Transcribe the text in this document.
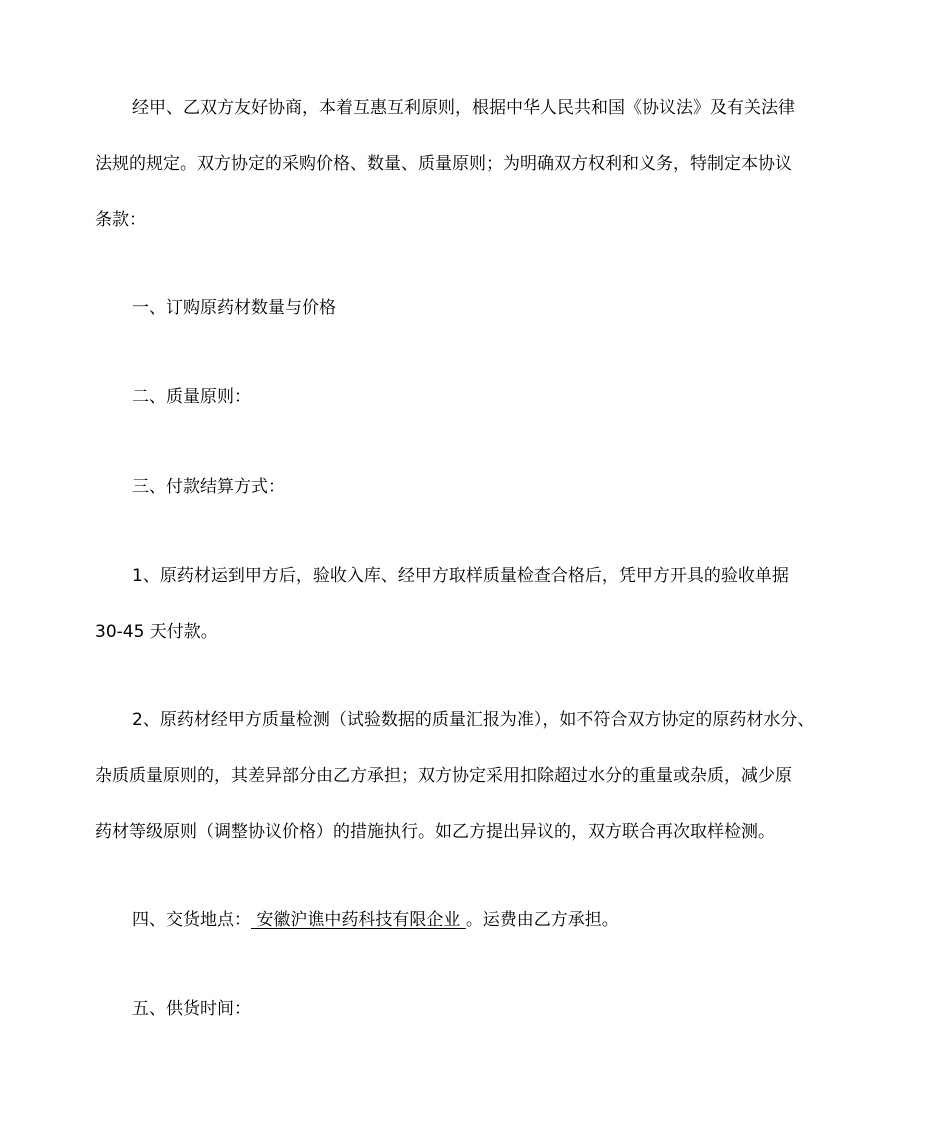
经甲、乙双方友好协商，本着互惠互利原则，根据中华人民共和国《协议法》及有关法律
法规的规定。双方协定的采购价格、数量、质量原则；为明确双方权利和义务，特制定本协议
条款：
一、订购原药材数量与价格
二、质量原则：
三、付款结算方式：
1、原药材运到甲方后，验收入库、经甲方取样质量检查合格后，凭甲方开具的验收单据
30-45 天付款。
2、原药材经甲方质量检测（试验数据的质量汇报为准），如不符合双方协定的原药材水分、
杂质质量原则的，其差异部分由乙方承担；双方协定采用扣除超过水分的重量或杂质，减少原
药材等级原则（调整协议价格）的措施执行。如乙方提出异议的，双方联合再次取样检测。
四、交货地点： 安徽沪谯中药科技有限企业 。运费由乙方承担。
五、供货时间：
